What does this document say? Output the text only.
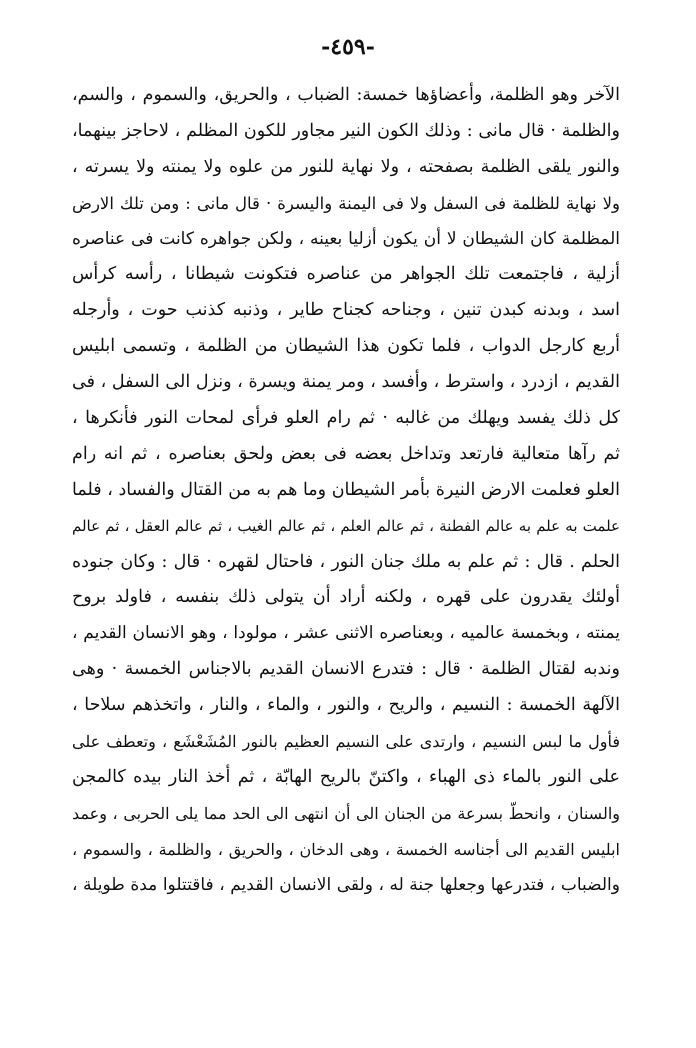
-٤٥٩-
الآخر وهو الظلمة، وأعضاؤها خمسة: الضباب ، والحريق، والسموم ، والسم،
والظلمة · قال مانى : وذلك الكون النير مجاور للكون المظلم ، لاحاجز بينهما،
والنور يلقى الظلمة بصفحته ، ولا نهاية للنور من علوه ولا يمنته ولا يسرته ،
ولا نهاية للظلمة فى السفل ولا فى اليمنة واليسرة · قال مانى : ومن تلك الارض
المظلمة كان الشيطان لا أن يكون أزليا بعينه ، ولكن جواهره كانت فى عناصره
أزلية ، فاجتمعت تلك الجواهر من عناصره فتكونت شيطانا ، رأسه كرأس
اسد ، وبدنه كبدن تنين ، وجناحه كجناح طاير ، وذنبه كذنب حوت ، وأرجله
أربع كارجل الدواب ، فلما تكون هذا الشيطان من الظلمة ، وتسمى ابليس
القديم ، ازدرد ، واسترط ، وأفسد ، ومر يمنة ويسرة ، ونزل الى السفل ، فى
كل ذلك يفسد ويهلك من غالبه · ثم رام العلو فرأى لمحات النور فأنكرها ،
ثم رآها متعالية فارتعد وتداخل بعضه فى بعض ولحق بعناصره ، ثم انه رام
العلو فعلمت الارض النيرة بأمر الشيطان وما هم به من القتال والفساد ، فلما
علمت به علم به عالم الفطنة ، ثم عالم العلم ، ثم عالم الغيب ، ثم عالم العقل ، ثم عالم
الحلم . قال : ثم علم به ملك جنان النور ، فاحتال لقهره · قال : وكان جنوده
أولئك يقدرون على قهره ، ولكنه أراد أن يتولى ذلك بنفسه ، فاولد بروح
يمنته ، وبخمسة عالميه ، وبعناصره الاثنى عشر ، مولودا ، وهو الانسان القديم ،
وندبه لقتال الظلمة · قال : فتدرع الانسان القديم بالاجناس الخمسة · وهى
الآلهة الخمسة : النسيم ، والريح ، والنور ، والماء ، والنار ، واتخذهم سلاحا ،
فأول ما لبس النسيم ، وارتدى على النسيم العظيم بالنور المُشَعْشَع ، وتعطف على
على النور بالماء ذى الهباء ، واكتنّ بالريح الهابّة ، ثم أخذ النار بيده كالمجن
والسنان ، وانحطّ بسرعة من الجنان الى أن انتهى الى الحد مما يلى الحربى ، وعمد
ابليس القديم الى أجناسه الخمسة ، وهى الدخان ، والحريق ، والظلمة ، والسموم ،
والضباب ، فتدرعها وجعلها جنة له ، ولقى الانسان القديم ، فاقتتلوا مدة طويلة ،
